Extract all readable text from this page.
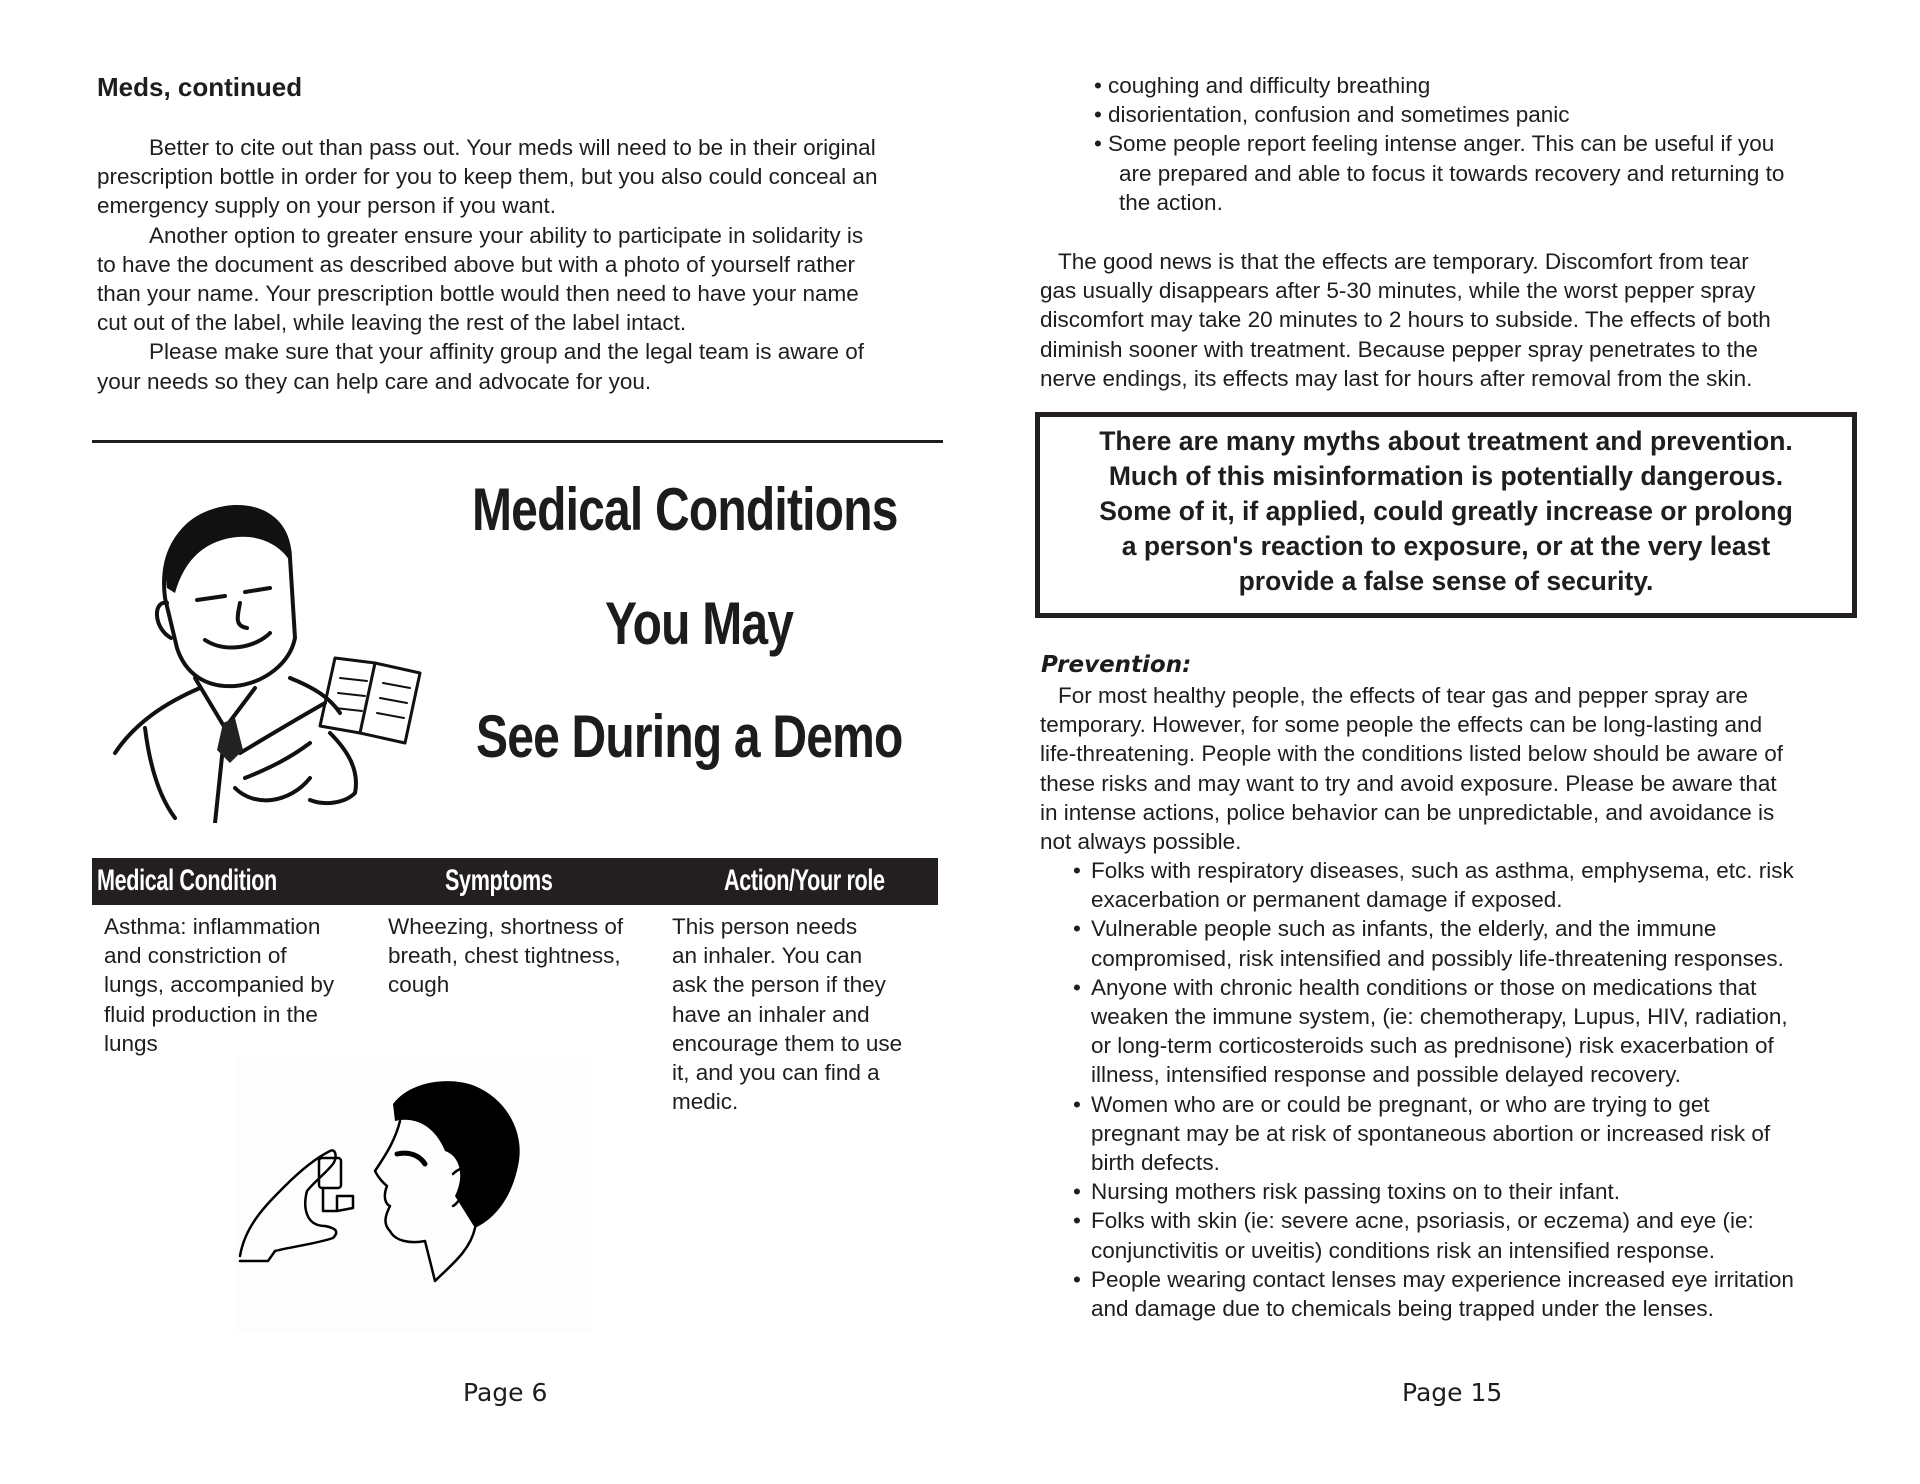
Meds, continued
Better to cite out than pass out. Your meds will need to be in their original
prescription bottle in order for you to keep them, but you also could conceal an
emergency supply on your person if you want.
Another option to greater ensure your ability to participate in solidarity is
to have the document as described above but with a photo of yourself rather
than your name. Your prescription bottle would then need to have your name
cut out of the label, while leaving the rest of the label intact.
Please make sure that your affinity group and the legal team is aware of
your needs so they can help care and advocate for you.
Medical Conditions
You May
See During a Demo
Medical Condition	Symptoms	Action/Your role
Asthma: inflammation
and constriction of
lungs, accompanied by
fluid production in the
lungs
Wheezing, shortness of
breath, chest tightness,
cough
This person needs
an inhaler. You can
ask the person if they
have an inhaler and
encourage them to use
it, and you can find a
medic.
Page 6
• coughing and difficulty breathing
• disorientation, confusion and sometimes panic
• Some people report feeling intense anger. This can be useful if you
are prepared and able to focus it towards recovery and returning to
the action.
The good news is that the effects are temporary. Discomfort from tear
gas usually disappears after 5-30 minutes, while the worst pepper spray
discomfort may take 20 minutes to 2 hours to subside. The effects of both
diminish sooner with treatment. Because pepper spray penetrates to the
nerve endings, its effects may last for hours after removal from the skin.
There are many myths about treatment and prevention.
Much of this misinformation is potentially dangerous.
Some of it, if applied, could greatly increase or prolong
a person's reaction to exposure, or at the very least
provide a false sense of security.
Prevention:
For most healthy people, the effects of tear gas and pepper spray are
temporary. However, for some people the effects can be long-lasting and
life-threatening. People with the conditions listed below should be aware of
these risks and may want to try and avoid exposure. Please be aware that
in intense actions, police behavior can be unpredictable, and avoidance is
not always possible.
• Folks with respiratory diseases, such as asthma, emphysema, etc. risk
exacerbation or permanent damage if exposed.
• Vulnerable people such as infants, the elderly, and the immune
compromised, risk intensified and possibly life-threatening responses.
• Anyone with chronic health conditions or those on medications that
weaken the immune system, (ie: chemotherapy, Lupus, HIV, radiation,
or long-term corticosteroids such as prednisone) risk exacerbation of
illness, intensified response and possible delayed recovery.
• Women who are or could be pregnant, or who are trying to get
pregnant may be at risk of spontaneous abortion or increased risk of
birth defects.
• Nursing mothers risk passing toxins on to their infant.
• Folks with skin (ie: severe acne, psoriasis, or eczema) and eye (ie:
conjunctivitis or uveitis) conditions risk an intensified response.
• People wearing contact lenses may experience increased eye irritation
and damage due to chemicals being trapped under the lenses.
Page 15
